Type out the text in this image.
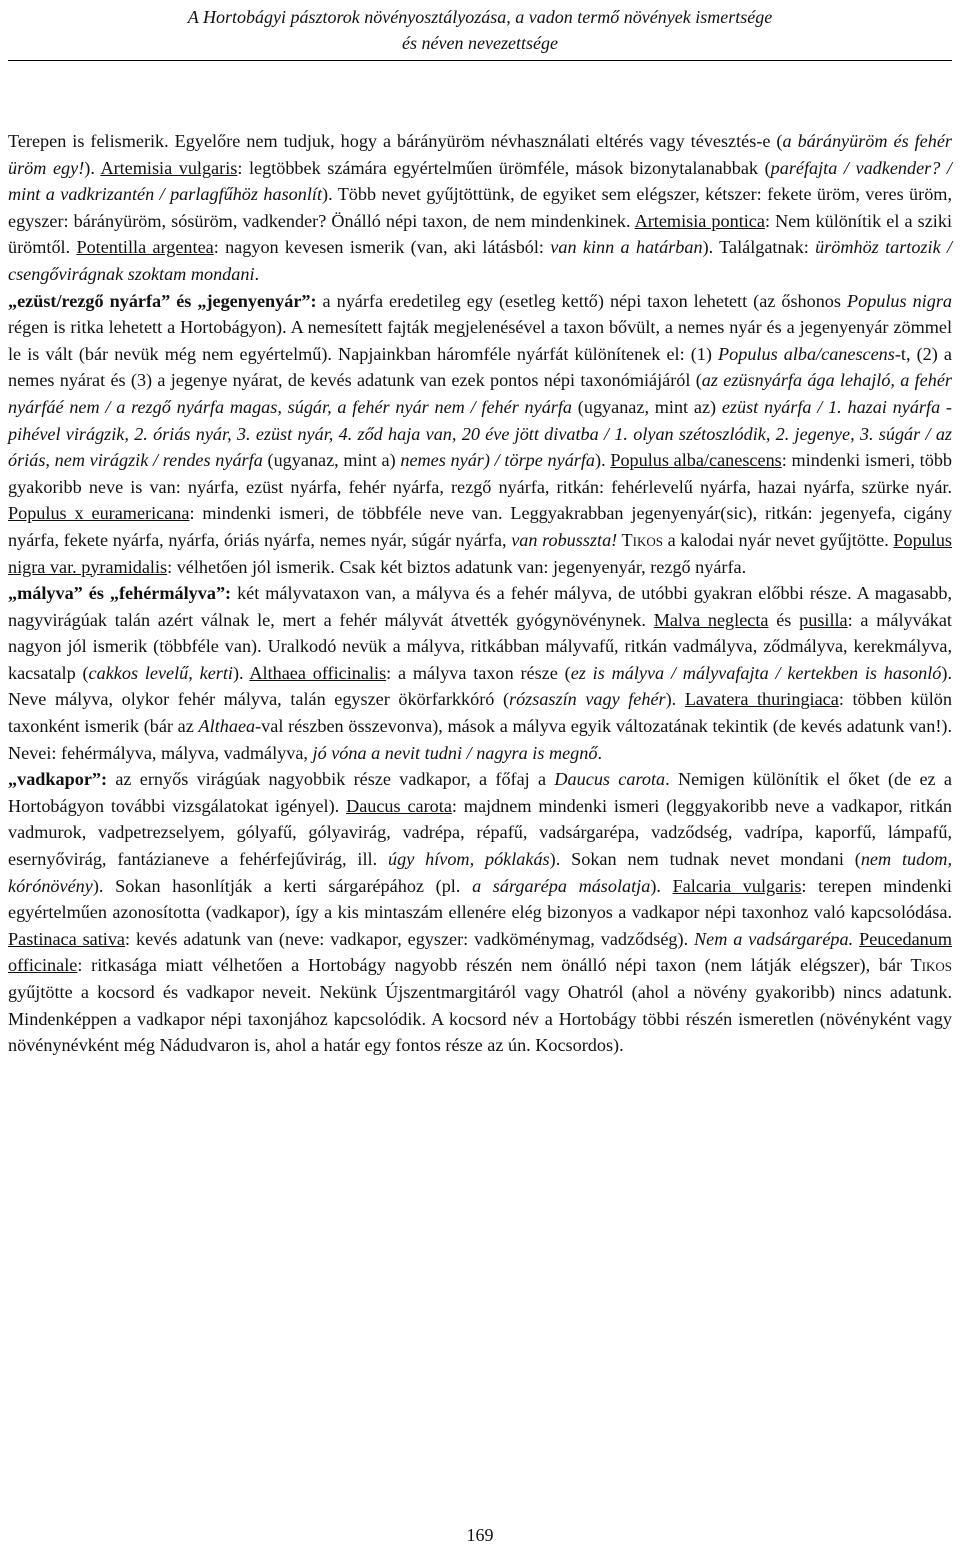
A Hortobágyi pásztorok növényosztályozása, a vadon termő növények ismertsége
és néven nevezettsége

Terepen is felismerik. Egyelőre nem tudjuk, hogy a bárányüröm névhasználati eltérés vagy tévesztés-e (a bárányüröm és fehér üröm egy!). Artemisia vulgaris: legtöbbek számára egyértelműen ürömféle, mások bizonytalanabbak (paréfajta / vadkender? / mint a vadkrizantén / parlagfűhöz hasonlít). Több nevet gyűjtöttünk, de egyiket sem elégszer, kétszer: fekete üröm, veres üröm, egyszer: bárányüröm, sósüröm, vadkender? Önálló népi taxon, de nem mindenkinek. Artemisia pontica: Nem különítik el a sziki ürömtől. Potentilla argentea: nagyon kevesen ismerik (van, aki látásból: van kinn a határban). Találgatnak: ürömhöz tartozik / csengővirágnak szoktam mondani.

„ezüst/rezgő nyárfa” és „jegenyenyár”: a nyárfa eredetileg egy (esetleg kettő) népi taxon lehetett (az őshonos Populus nigra régen is ritka lehetett a Hortobágyon). A nemesített fajták megjelenésével a taxon bővült, a nemes nyár és a jegenyenyár zömmel le is vált (bár nevük még nem egyértelmű). Napjainkban háromféle nyárfát különítenek el: (1) Populus alba/canescens-t, (2) a nemes nyárat és (3) a jegenye nyárat, de kevés adatunk van ezek pontos népi taxonómiájáról (az ezüsnyárfa ága lehajló, a fehér nyárfáé nem / a rezgő nyárfa magas, súgár, a fehér nyár nem / fehér nyárfa (ugyanaz, mint az) ezüst nyárfa / 1. hazai nyárfa - pihével virágzik, 2. óriás nyár, 3. ezüst nyár, 4. ződ haja van, 20 éve jött divatba / 1. olyan szétoszlódik, 2. jegenye, 3. súgár / az óriás, nem virágzik / rendes nyárfa (ugyanaz, mint a) nemes nyár) / törpe nyárfa). Populus alba/canescens: mindenki ismeri, több gyakoribb neve is van: nyárfa, ezüst nyárfa, fehér nyárfa, rezgő nyárfa, ritkán: fehérlevelű nyárfa, hazai nyárfa, szürke nyár. Populus x euramericana: mindenki ismeri, de többféle neve van. Leggyakrabban jegenyenyár(sic), ritkán: jegenyefa, cigány nyárfa, fekete nyárfa, nyárfa, óriás nyárfa, nemes nyár, súgár nyárfa, van robusszta! Tikos a kalodai nyár nevet gyűjtötte. Populus nigra var. pyramidalis: vélhetően jól ismerik. Csak két biztos adatunk van: jegenyenyár, rezgő nyárfa.

„mályva” és „fehérmályva”: két mályvataxon van, a mályva és a fehér mályva, de utóbbi gyakran előbbi része. A magasabb, nagyvirágúak talán azért válnak le, mert a fehér mályvát átvették gyógynövénynek. Malva neglecta és pusilla: a mályvákat nagyon jól ismerik (többféle van). Uralkodó nevük a mályva, ritkábban mályvafű, ritkán vadmályva, ződmályva, kerekmályva, kacsatalp (cakkos levelű, kerti). Althaea officinalis: a mályva taxon része (ez is mályva / mályvafajta / kertekben is hasonló). Neve mályva, olykor fehér mályva, talán egyszer ökörfarkkóró (rózsaszín vagy fehér). Lavatera thuringiaca: többen külön taxonként ismerik (bár az Althaea-val részben összevonva), mások a mályva egyik változatának tekintik (de kevés adatunk van!). Nevei: fehérmályva, mályva, vadmályva, jó vóna a nevit tudni / nagyra is megnő.

„vadkapor”: az ernyős virágúak nagyobbik része vadkapor, a főfaj a Daucus carota. Nemigen különítik el őket (de ez a Hortobágyon további vizsgálatokat igényel). Daucus carota: majdnem mindenki ismeri (leggyakoribb neve a vadkapor, ritkán vadmurok, vadpetrezselyem, gólyafű, gólyavirág, vadrépa, répafű, vadsárgarépa, vadződség, vadrípa, kaporfű, lámpafű, esernyővirág, fantázianeve a fehérfejűvirág, ill. úgy hívom, póklakás). Sokan nem tudnak nevet mondani (nem tudom, kórónövény). Sokan hasonlítják a kerti sárgarépához (pl. a sárgarépa másolatja). Falcaria vulgaris: terepen mindenki egyértelműen azonosította (vadkapor), így a kis mintaszám ellenére elég bizonyos a vadkapor népi taxonhoz való kapcsolódása. Pastinaca sativa: kevés adatunk van (neve: vadkapor, egyszer: vadköménymag, vadződség). Nem a vadsárgarépa. Peucedanum officinale: ritkasága miatt vélhetően a Hortobágy nagyobb részén nem önálló népi taxon (nem látják elégszer), bár Tikos gyűjtötte a kocsord és vadkapor neveit. Nekünk Újszentmargitáról vagy Ohatról (ahol a növény gyakoribb) nincs adatunk. Mindenképpen a vadkapor népi taxonjához kapcsolódik. A kocsord név a Hortobágy többi részén ismeretlen (növényként vagy növénynévként még Nádudvaron is, ahol a határ egy fontos része az ún. Kocsordos).

169
